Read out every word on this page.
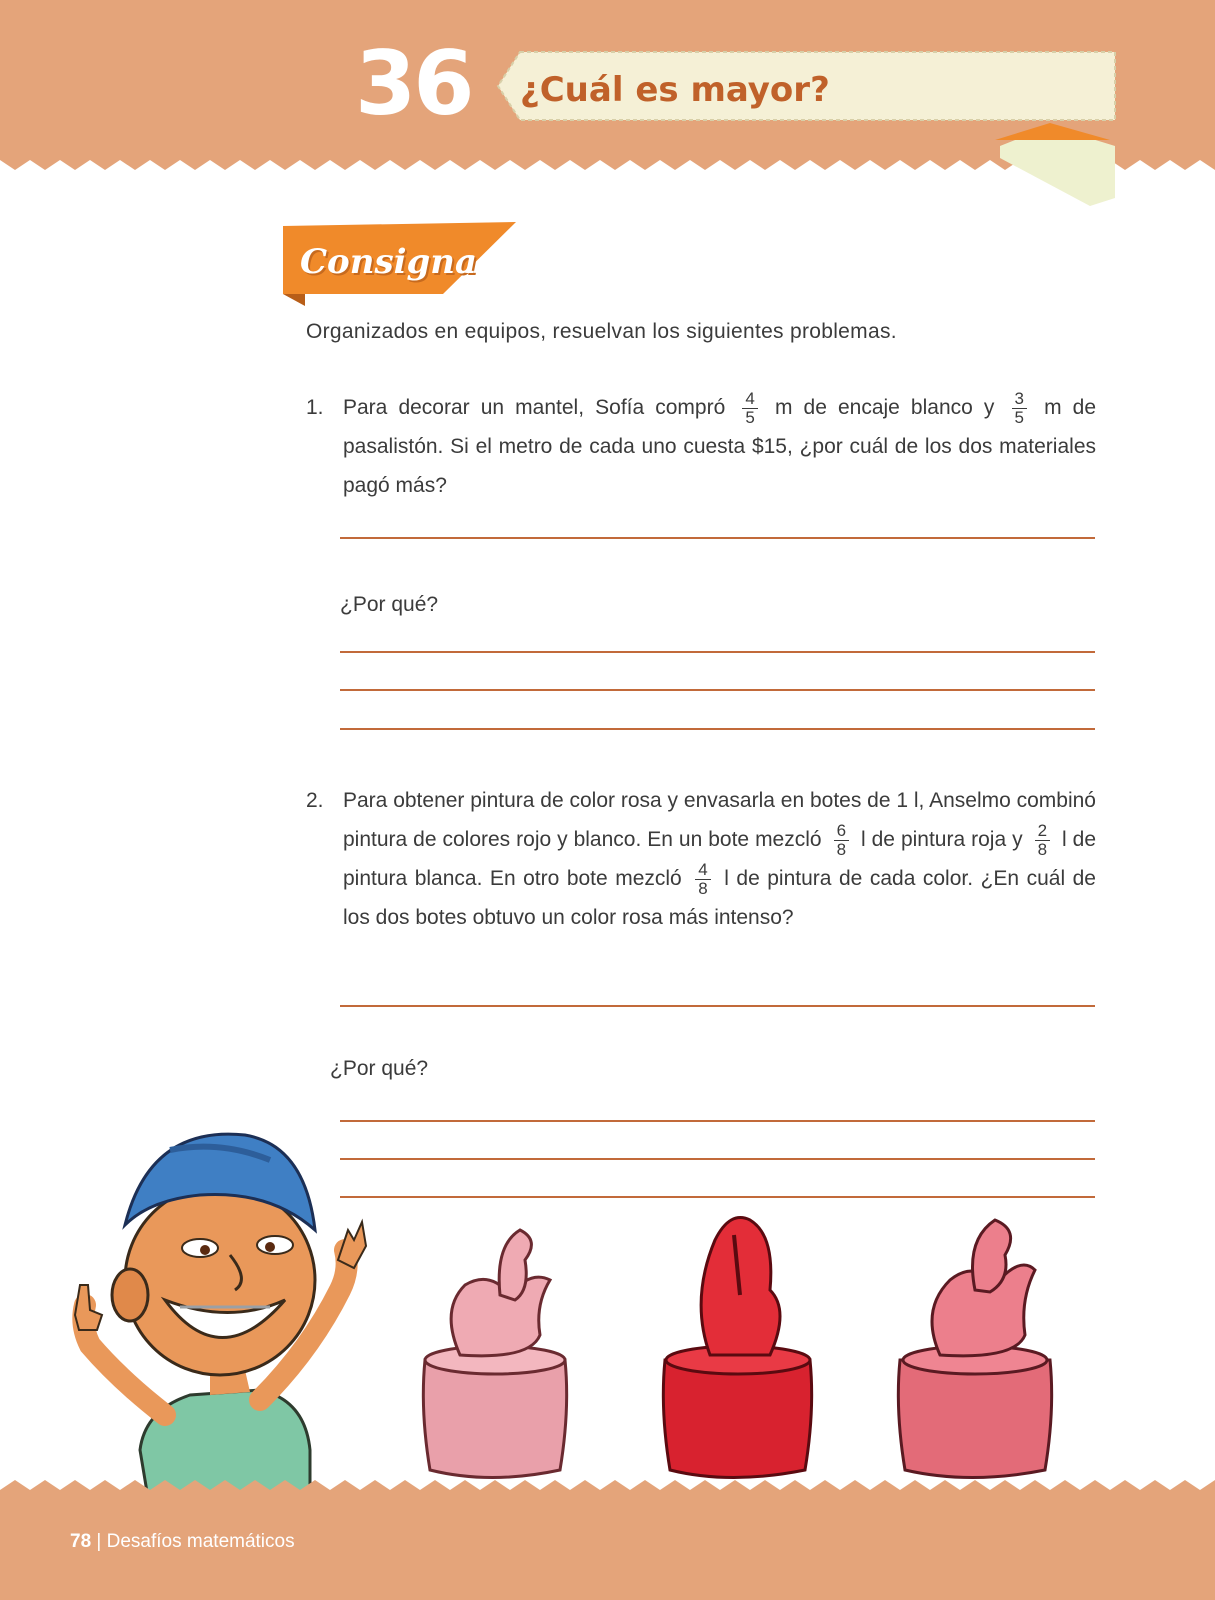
36 ¿Cuál es mayor?
Consigna
Organizados en equipos, resuelvan los siguientes problemas.
1. Para decorar un mantel, Sofía compró $\frac{4}{5}$ m de encaje blanco y $\frac{3}{5}$ m de pasalistón. Si el metro de cada uno cuesta $15, ¿por cuál de los dos materiales pagó más?
¿Por qué?
2. Para obtener pintura de color rosa y envasarla en botes de 1 l, Anselmo combinó pintura de colores rojo y blanco. En un bote mezcló $\frac{6}{8}$ l de pintura roja y $\frac{2}{8}$ l de pintura blanca. En otro bote mezcló $\frac{4}{8}$ l de pintura de cada color. ¿En cuál de los dos botes obtuvo un color rosa más intenso?
¿Por qué?
78 | Desafíos matemáticos
